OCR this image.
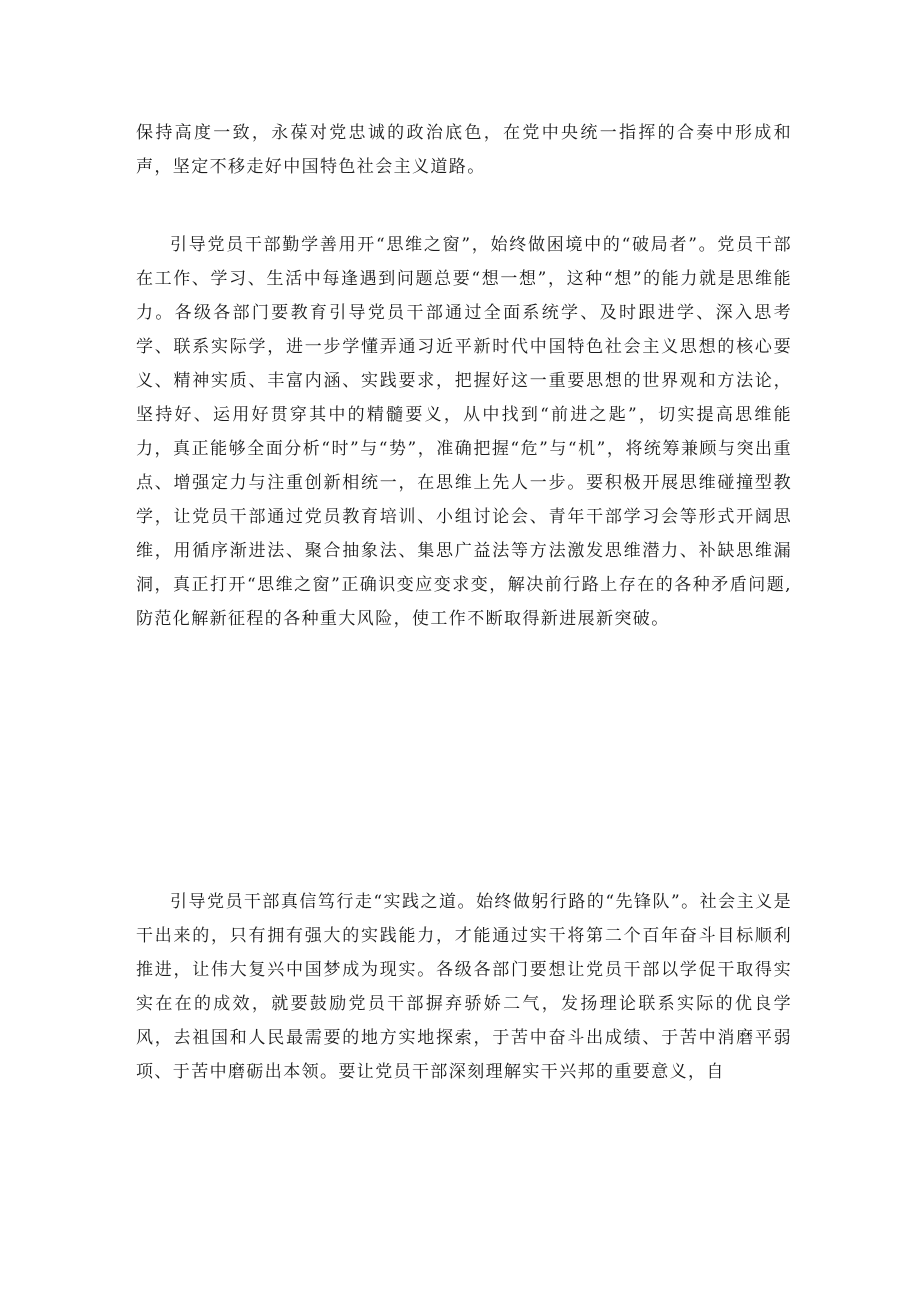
保持高度一致，永葆对党忠诚的政治底色，在党中央统一指挥的合奏中形成和声，坚定不移走好中国特色社会主义道路。

引导党员干部勤学善用开“思维之窗”，始终做困境中的“破局者”。党员干部在工作、学习、生活中每逢遇到问题总要“想一想”，这种“想”的能力就是思维能力。各级各部门要教育引导党员干部通过全面系统学、及时跟进学、深入思考学、联系实际学，进一步学懂弄通习近平新时代中国特色社会主义思想的核心要义、精神实质、丰富内涵、实践要求，把握好这一重要思想的世界观和方法论，坚持好、运用好贯穿其中的精髓要义，从中找到“前进之匙”，切实提高思维能力，真正能够全面分析“时”与“势”，准确把握“危”与“机”，将统筹兼顾与突出重点、增强定力与注重创新相统一，在思维上先人一步。要积极开展思维碰撞型教学，让党员干部通过党员教育培训、小组讨论会、青年干部学习会等形式开阔思维，用循序渐进法、聚合抽象法、集思广益法等方法激发思维潜力、补缺思维漏洞，真正打开“思维之窗”正确识变应变求变，解决前行路上存在的各种矛盾问题,防范化解新征程的各种重大风险，使工作不断取得新进展新突破。

引导党员干部真信笃行走“实践之道。始终做躬行路的“先锋队”。社会主义是干出来的，只有拥有强大的实践能力，才能通过实干将第二个百年奋斗目标顺利推进，让伟大复兴中国梦成为现实。各级各部门要想让党员干部以学促干取得实实在在的成效，就要鼓励党员干部摒弃骄娇二气，发扬理论联系实际的优良学风，去祖国和人民最需要的地方实地探索，于苦中奋斗出成绩、于苦中消磨平弱项、于苦中磨砺出本领。要让党员干部深刻理解实干兴邦的重要意义，自
